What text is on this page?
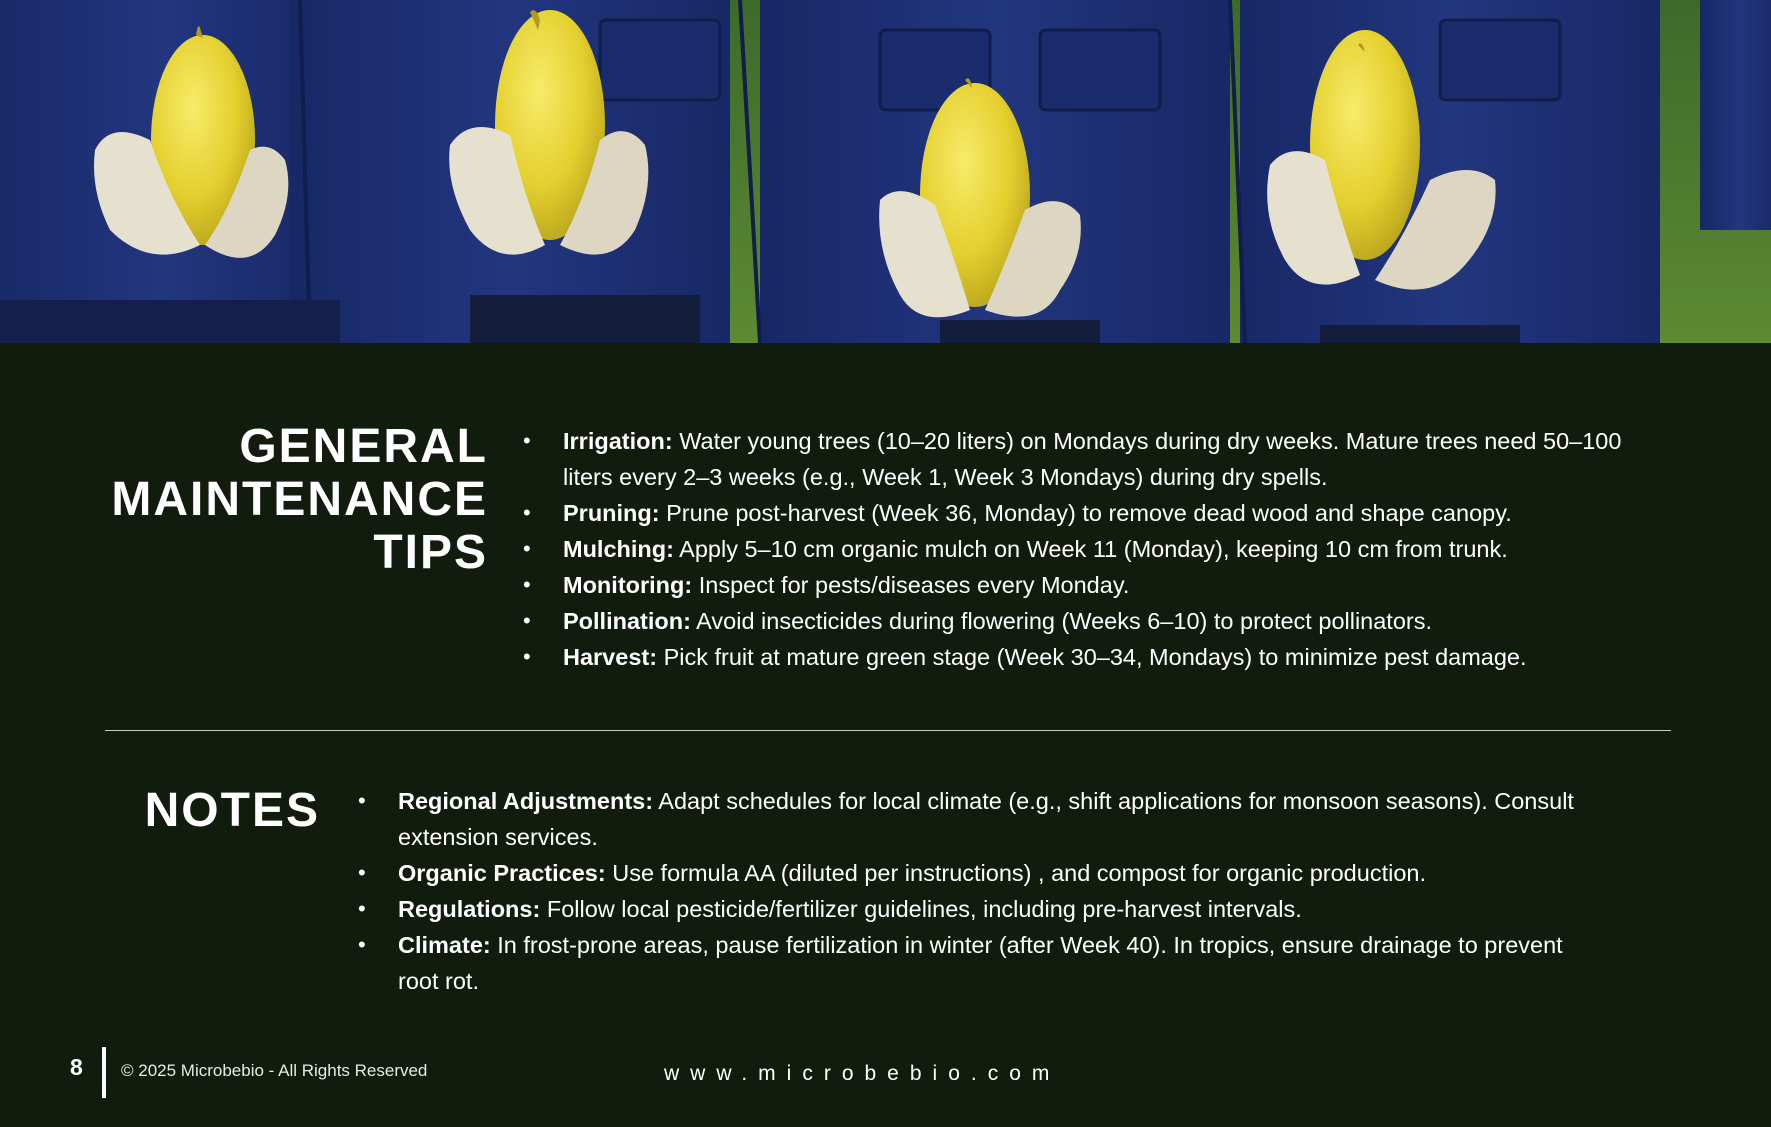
GENERAL
MAINTENANCE
TIPS
• Irrigation: Water young trees (10–20 liters) on Mondays during dry weeks. Mature trees need 50–100 liters every 2–3 weeks (e.g., Week 1, Week 3 Mondays) during dry spells.
• Pruning: Prune post-harvest (Week 36, Monday) to remove dead wood and shape canopy.
• Mulching: Apply 5–10 cm organic mulch on Week 11 (Monday), keeping 10 cm from trunk.
• Monitoring: Inspect for pests/diseases every Monday.
• Pollination: Avoid insecticides during flowering (Weeks 6–10) to protect pollinators.
• Harvest: Pick fruit at mature green stage (Week 30–34, Mondays) to minimize pest damage.
NOTES
•	Regional Adjustments: Adapt schedules for local climate (e.g., shift applications for monsoon seasons). Consult extension services.
• Organic Practices: Use formula AA (diluted per instructions) , and compost for organic production.
• Regulations: Follow local pesticide/fertilizer guidelines, including pre-harvest intervals.
• Climate: In frost-prone areas, pause fertilization in winter (after Week 40). In tropics, ensure drainage to prevent root rot.
8 © 2025 Microbebio - All Rights Reserved	www.microbebio.com
